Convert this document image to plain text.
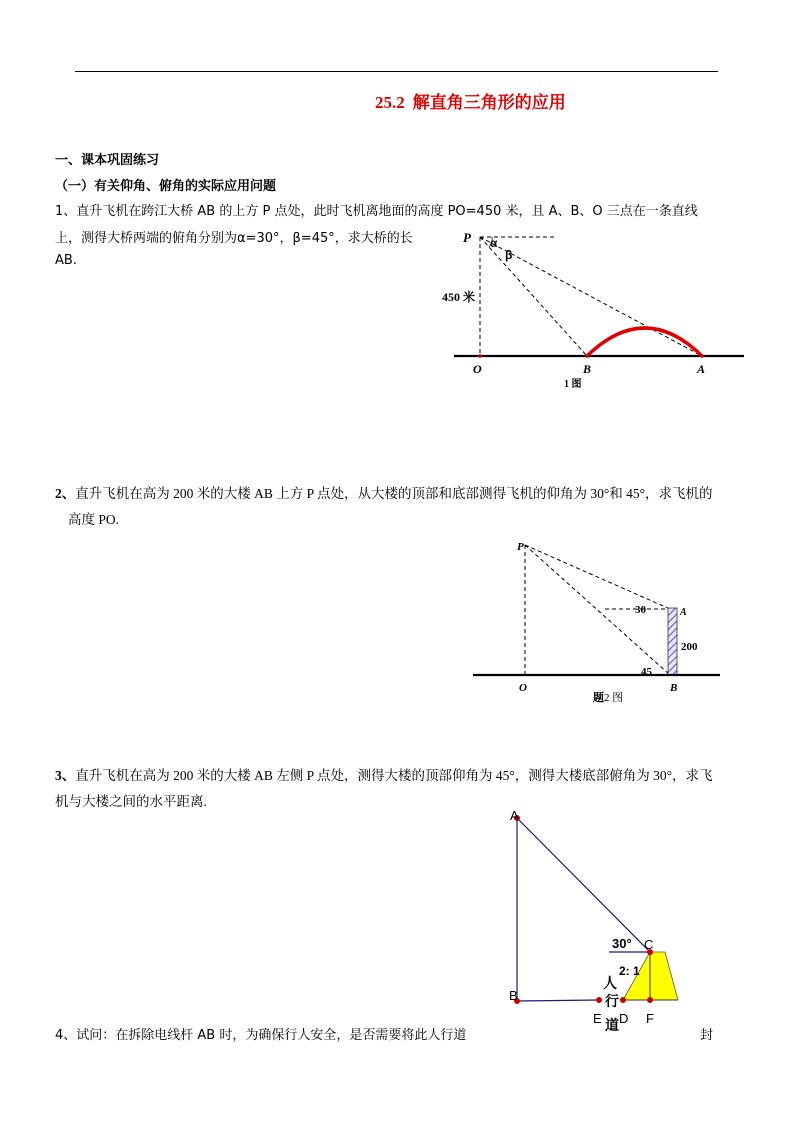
25.2 解直角三角形的应用
一、课本巩固练习
（一）有关仰角、俯角的实际应用问题
1、直升飞机在跨江大桥 AB 的上方 P 点处，此时飞机离地面的高度 PO=450 米，且 A、B、O 三点在一条直线
上，测得大桥两端的俯角分别为α=30°，β=45°，求大桥的长
AB.
P α
β
450 米
O	B	A
1 图
2、直升飞机在高为 200 米的大楼 AB 上方 P 点处，从大楼的顶部和底部测得飞机的仰角为 30°和 45°，求飞机的
高度 PO.
P
30	A
200
45
O	B
题2 图
3、直升飞机在高为 200 米的大楼 AB 左侧 P 点处，测得大楼的顶部仰角为 45°，测得大楼底部俯角为 30°，求飞
机与大楼之间的水平距离.
A
B
C
30°
2: 1
人
行
道
E D F
4、试问：在拆除电线杆 AB 时，为确保行人安全，是否需要将此人行道	封
